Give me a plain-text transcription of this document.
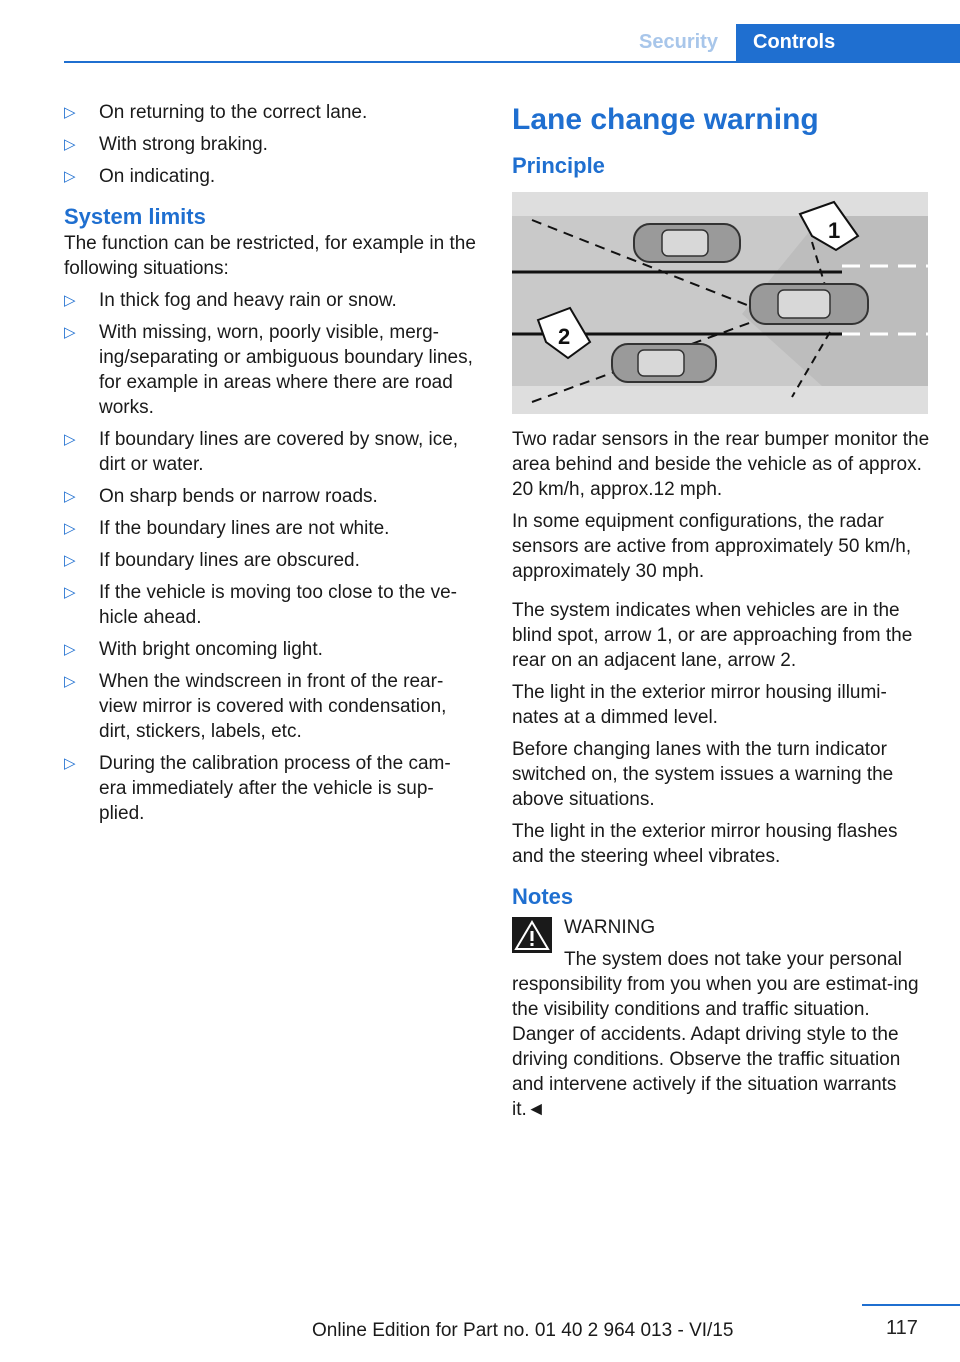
Security	Controls
▷ On returning to the correct lane.
▷ With strong braking.
▷ On indicating.
System limits

The function can be restricted, for example in the following situations:

▷ In thick fog and heavy rain or snow.
▷ With missing, worn, poorly visible, merg‐ing/separating or ambiguous boundary lines, for example in areas where there are road works.
▷ If boundary lines are covered by snow, ice, dirt or water.
▷ On sharp bends or narrow roads.
▷ If the boundary lines are not white.
▷ If boundary lines are obscured.
▷ If the vehicle is moving too close to the ve‐hicle ahead.
▷ With bright oncoming light.
▷ When the windscreen in front of the rear‐view mirror is covered with condensation, dirt, stickers, labels, etc.
▷ During the calibration process of the cam‐era immediately after the vehicle is sup‐plied.
Lane change warning
Principle
1
2

Two radar sensors in the rear bumper monitor the area behind and beside the vehicle as of approx. 20 km/h, approx.12 mph.

In some equipment configurations, the radar sensors are active from approximately 50 km/h, approximately 30 mph.

The system indicates when vehicles are in the blind spot, arrow 1, or are approaching from the rear on an adjacent lane, arrow 2.

The light in the exterior mirror housing illumi‐nates at a dimmed level.

Before changing lanes with the turn indicator switched on, the system issues a warning the above situations.

The light in the exterior mirror housing flashes and the steering wheel vibrates.

Notes
WARNING
The system does not take your personal
responsibility from you when you are estimat‐ing the visibility conditions and traffic situation. Danger of accidents. Adapt driving style to the driving conditions. Observe the traffic situation and intervene actively if the situation warrants it.◄
117
Online Edition for Part no. 01 40 2 964 013 - VI/15
